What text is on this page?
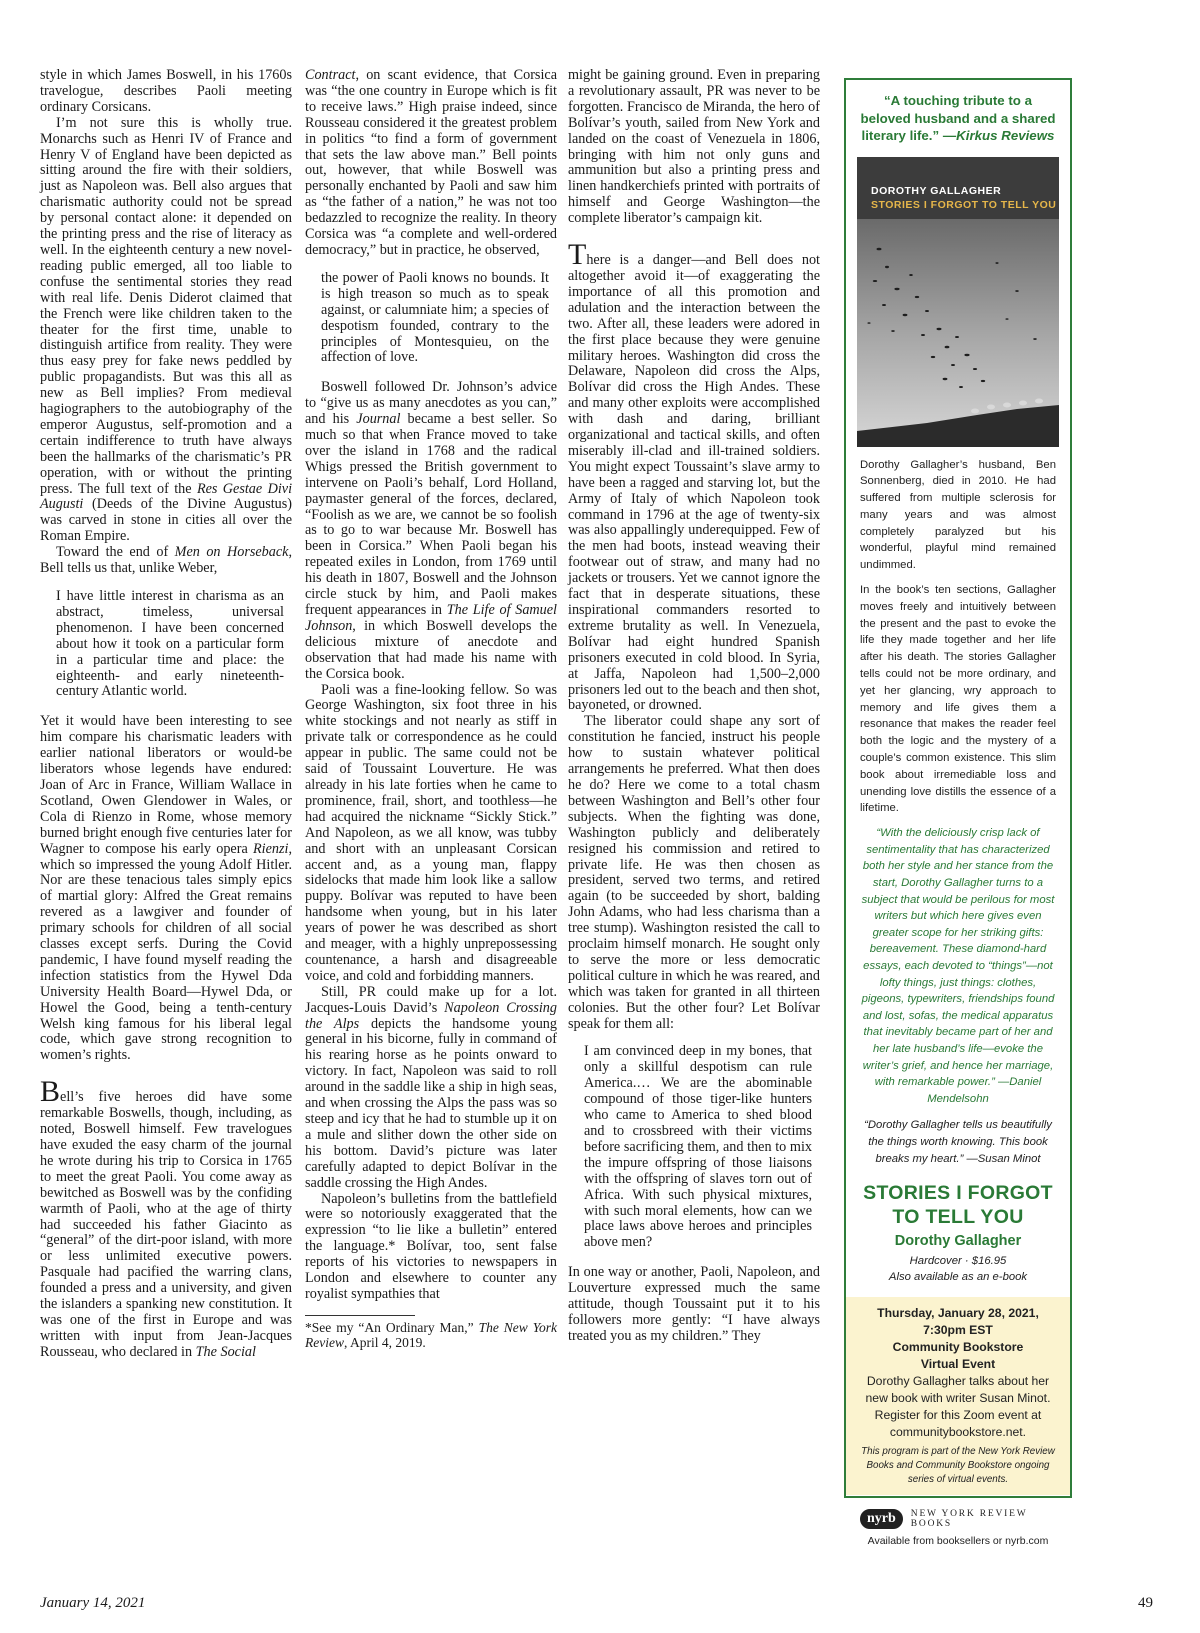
style in which James Boswell, in his 1760s travelogue, describes Paoli meeting ordinary Corsicans.

I’m not sure this is wholly true. Monarchs such as Henri IV of France and Henry V of England have been depicted as sitting around the fire with their soldiers, just as Napoleon was. Bell also argues that charismatic authority could not be spread by personal contact alone: it depended on the printing press and the rise of literacy as well. In the eighteenth century a new novel-reading public emerged, all too liable to confuse the sentimental stories they read with real life. Denis Diderot claimed that the French were like children taken to the theater for the first time, unable to distinguish artifice from reality. They were thus easy prey for fake news peddled by public propagandists. But was this all as new as Bell implies? From medieval hagiographers to the autobiography of the emperor Augustus, self-promotion and a certain indifference to truth have always been the hallmarks of the charismatic’s PR operation, with or without the printing press. The full text of the Res Gestae Divi Augusti (Deeds of the Divine Augustus) was carved in stone in cities all over the Roman Empire.

Toward the end of Men on Horseback, Bell tells us that, unlike Weber,

I have little interest in charisma as an abstract, timeless, universal phenomenon. I have been concerned about how it took on a particular form in a particular time and place: the eighteenth- and early nineteenth-century Atlantic world.

Yet it would have been interesting to see him compare his charismatic leaders with earlier national liberators or would-be liberators whose legends have endured: Joan of Arc in France, William Wallace in Scotland, Owen Glendower in Wales, or Cola di Rienzo in Rome, whose memory burned bright enough five centuries later for Wagner to compose his early opera Rienzi, which so impressed the young Adolf Hitler. Nor are these tenacious tales simply epics of martial glory: Alfred the Great remains revered as a lawgiver and founder of primary schools for children of all social classes except serfs. During the Covid pandemic, I have found myself reading the infection statistics from the Hywel Dda University Health Board—Hywel Dda, or Howel the Good, being a tenth-century Welsh king famous for his liberal legal code, which gave strong recognition to women’s rights.

Bell’s five heroes did have some remarkable Boswells, though, including, as noted, Boswell himself. Few travelogues have exuded the easy charm of the journal he wrote during his trip to Corsica in 1765 to meet the great Paoli. You come away as bewitched as Boswell was by the confiding warmth of Paoli, who at the age of thirty had succeeded his father Giacinto as “general” of the dirt-poor island, with more or less unlimited executive powers. Pasquale had pacified the warring clans, founded a press and a university, and given the islanders a spanking new constitution. It was one of the first in Europe and was written with input from Jean-Jacques Rousseau, who declared in The Social

Contract, on scant evidence, that Corsica was “the one country in Europe which is fit to receive laws.” High praise indeed, since Rousseau considered it the greatest problem in politics “to find a form of government that sets the law above man.” Bell points out, however, that while Boswell was personally enchanted by Paoli and saw him as “the father of a nation,” he was not too bedazzled to recognize the reality. In theory Corsica was “a complete and well-ordered democracy,” but in practice, he observed,

the power of Paoli knows no bounds. It is high treason so much as to speak against, or calumniate him; a species of despotism founded, contrary to the principles of Montesquieu, on the affection of love.

Boswell followed Dr. Johnson’s advice to “give us as many anecdotes as you can,” and his Journal became a best seller. So much so that when France moved to take over the island in 1768 and the radical Whigs pressed the British government to intervene on Paoli’s behalf, Lord Holland, paymaster general of the forces, declared, “Foolish as we are, we cannot be so foolish as to go to war because Mr. Boswell has been in Corsica.” When Paoli began his repeated exiles in London, from 1769 until his death in 1807, Boswell and the Johnson circle stuck by him, and Paoli makes frequent appearances in The Life of Samuel Johnson, in which Boswell develops the delicious mixture of anecdote and observation that had made his name with the Corsica book.

Paoli was a fine-looking fellow. So was George Washington, six foot three in his white stockings and not nearly as stiff in private talk or correspondence as he could appear in public. The same could not be said of Toussaint Louverture. He was already in his late forties when he came to prominence, frail, short, and toothless—he had acquired the nickname “Sickly Stick.” And Napoleon, as we all know, was tubby and short with an unpleasant Corsican accent and, as a young man, flappy sidelocks that made him look like a sallow puppy. Bolívar was reputed to have been handsome when young, but in his later years of power he was described as short and meager, with a highly unprepossessing countenance, a harsh and disagreeable voice, and cold and forbidding manners.

Still, PR could make up for a lot. Jacques-Louis David’s Napoleon Crossing the Alps depicts the handsome young general in his bicorne, fully in command of his rearing horse as he points onward to victory. In fact, Napoleon was said to roll around in the saddle like a ship in high seas, and when crossing the Alps the pass was so steep and icy that he had to stumble up it on a mule and slither down the other side on his bottom. David’s picture was later carefully adapted to depict Bolívar in the saddle crossing the High Andes.

Napoleon’s bulletins from the battlefield were so notoriously exaggerated that the expression “to lie like a bulletin” entered the language.* Bolívar, too, sent false reports of his victories to newspapers in London and elsewhere to counter any royalist sympathies that

*See my “An Ordinary Man,” The New York Review, April 4, 2019.

might be gaining ground. Even in preparing a revolutionary assault, PR was never to be forgotten. Francisco de Miranda, the hero of Bolívar’s youth, sailed from New York and landed on the coast of Venezuela in 1806, bringing with him not only guns and ammunition but also a printing press and linen handkerchiefs printed with portraits of himself and George Washington—the complete liberator’s campaign kit.

There is a danger—and Bell does not altogether avoid it—of exaggerating the importance of all this promotion and adulation and the interaction between the two. After all, these leaders were adored in the first place because they were genuine military heroes. Washington did cross the Delaware, Napoleon did cross the Alps, Bolívar did cross the High Andes. These and many other exploits were accomplished with dash and daring, brilliant organizational and tactical skills, and often miserably ill-clad and ill-trained soldiers. You might expect Toussaint’s slave army to have been a ragged and starving lot, but the Army of Italy of which Napoleon took command in 1796 at the age of twenty-six was also appallingly underequipped. Few of the men had boots, instead weaving their footwear out of straw, and many had no jackets or trousers. Yet we cannot ignore the fact that in desperate situations, these inspirational commanders resorted to extreme brutality as well. In Venezuela, Bolívar had eight hundred Spanish prisoners executed in cold blood. In Syria, at Jaffa, Napoleon had 1,500–2,000 prisoners led out to the beach and then shot, bayoneted, or drowned.

The liberator could shape any sort of constitution he fancied, instruct his people how to sustain whatever political arrangements he preferred. What then does he do? Here we come to a total chasm between Washington and Bell’s other four subjects. When the fighting was done, Washington publicly and deliberately resigned his commission and retired to private life. He was then chosen as president, served two terms, and retired again (to be succeeded by short, balding John Adams, who had less charisma than a tree stump). Washington resisted the call to proclaim himself monarch. He sought only to serve the more or less democratic political culture in which he was reared, and which was taken for granted in all thirteen colonies. But the other four? Let Bolívar speak for them all:

I am convinced deep in my bones, that only a skillful despotism can rule America.… We are the abominable compound of those tiger-like hunters who came to America to shed blood and to crossbreed with their victims before sacrificing them, and then to mix the impure offspring of those liaisons with the offspring of slaves torn out of Africa. With such physical mixtures, with such moral elements, how can we place laws above heroes and principles above men?

In one way or another, Paoli, Napoleon, and Louverture expressed much the same attitude, though Toussaint put it to his followers more gently: “I have always treated you as my children.” They

“A touching tribute to a beloved husband and a shared literary life.” —Kirkus Reviews
DOROTHY GALLAGHER
STORIES I FORGOT TO TELL YOU

Dorothy Gallagher’s husband, Ben Sonnenberg, died in 2010. He had suffered from multiple sclerosis for many years and was almost completely paralyzed but his wonderful, playful mind remained undimmed.

In the book’s ten sections, Gallagher moves freely and intuitively between the present and the past to evoke the life they made together and her life after his death. The stories Gallagher tells could not be more ordinary, and yet her glancing, wry approach to memory and life gives them a resonance that makes the reader feel both the logic and the mystery of a couple’s common existence. This slim book about irremediable loss and unending love distills the essence of a lifetime.

“With the deliciously crisp lack of sentimentality that has characterized both her style and her stance from the start, Dorothy Gallagher turns to a subject that would be perilous for most writers but which here gives even greater scope for her striking gifts: bereavement. These diamond-hard essays, each devoted to “things”—not lofty things, just things: clothes, pigeons, typewriters, friendships found and lost, sofas, the medical apparatus that inevitably became part of her and her late husband’s life—evoke the writer’s grief, and hence her marriage, with remarkable power.” —Daniel Mendelsohn
“Dorothy Gallagher tells us beautifully the things worth knowing. This book breaks my heart.” —Susan Minot
STORIES I FORGOT TO TELL YOU
Dorothy Gallagher
Hardcover · $16.95
Also available as an e-book
Thursday, January 28, 2021, 7:30pm EST
Community Bookstore
Virtual Event
Dorothy Gallagher talks about her new book with writer Susan Minot. Register for this Zoom event at communitybookstore.net.
This program is part of the New York Review Books and Community Bookstore ongoing series of virtual events.
nyrb	NEW YORK REVIEW BOOKS
Available from booksellers or nyrb.com
January 14, 2021	49
